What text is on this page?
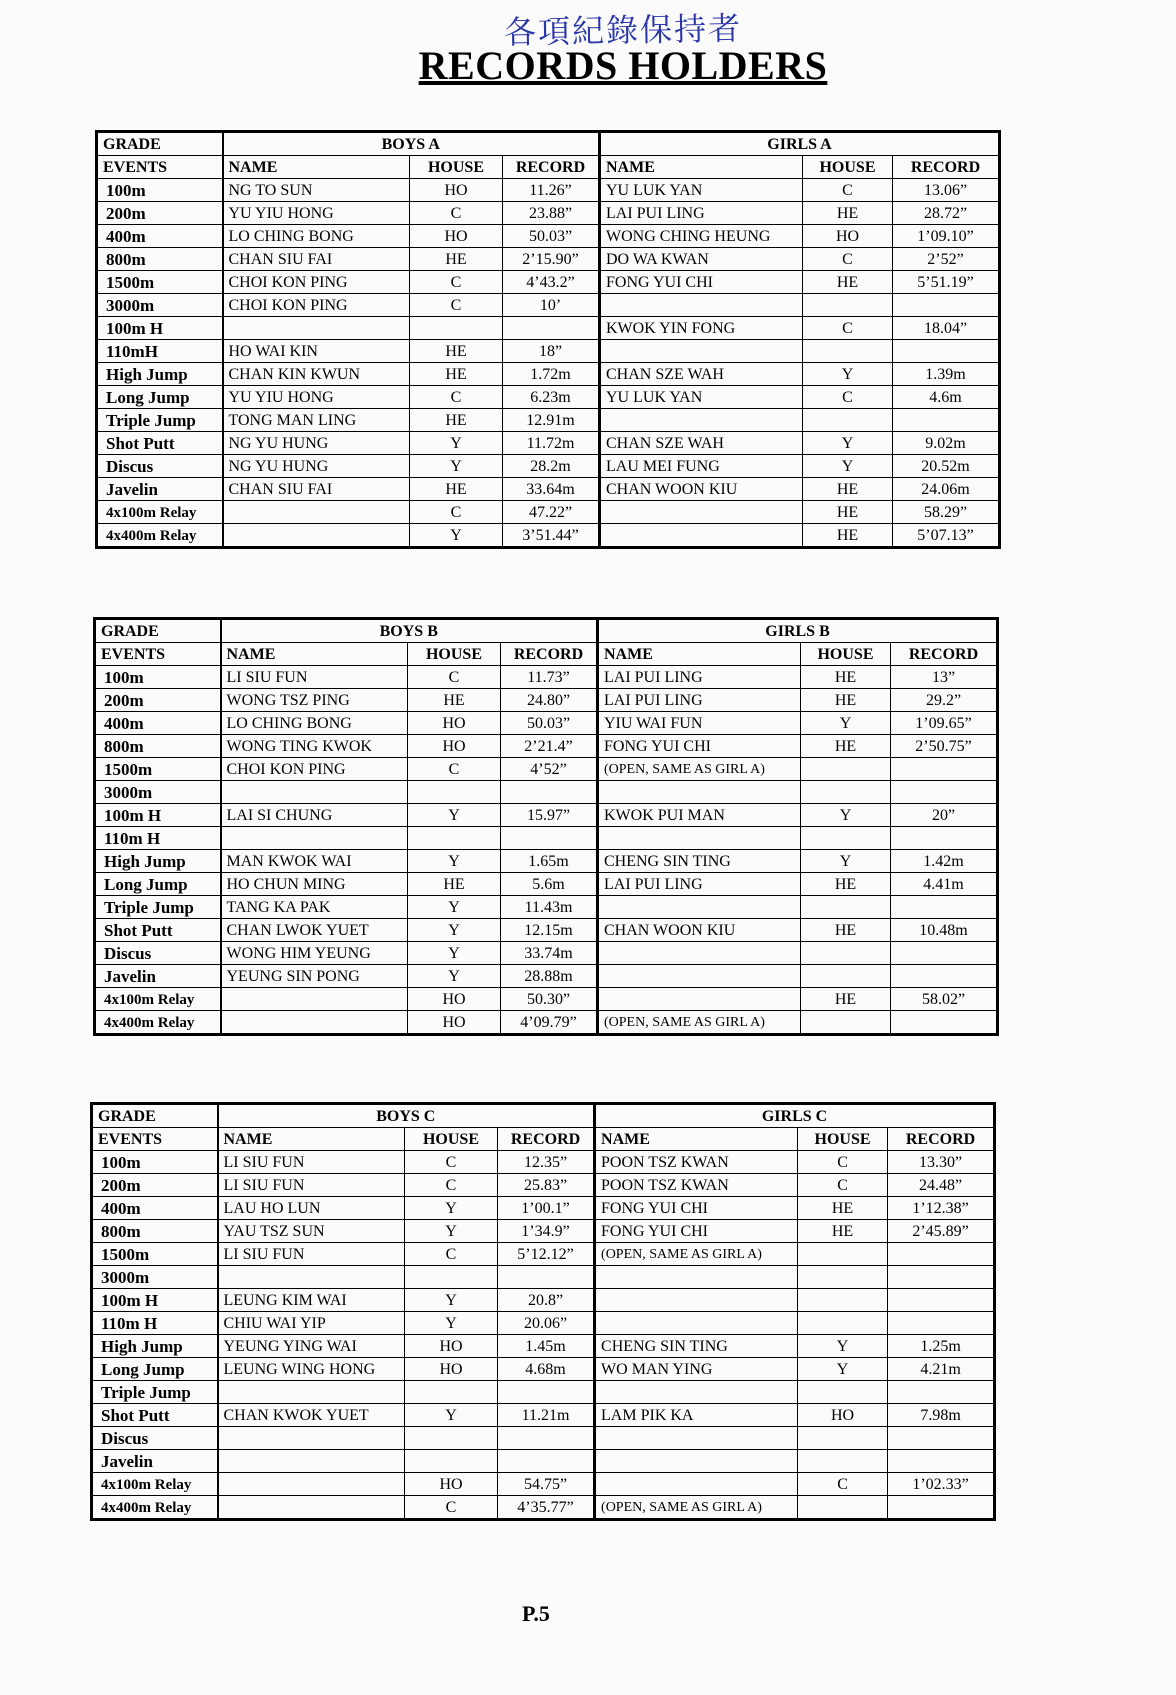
各項紀錄保持者
RECORDS HOLDERS
GRADE	BOYS A			GIRLS A		
EVENTS	NAME	HOUSE	RECORD	NAME	HOUSE	RECORD
100m	NG TO SUN	HO	11.26”	YU LUK YAN	C	13.06”
200m	YU YIU HONG	C	23.88”	LAI PUI LING	HE	28.72”
400m	LO CHING BONG	HO	50.03”	WONG CHING HEUNG	HO	1’09.10”
800m	CHAN SIU FAI	HE	2’15.90”	DO WA KWAN	C	2’52”
1500m	CHOI KON PING	C	4’43.2”	FONG YUI CHI	HE	5’51.19”
3000m	CHOI KON PING	C	10’			
100m H				KWOK YIN FONG	C	18.04”
110mH	HO WAI KIN	HE	18”			
High Jump	CHAN KIN KWUN	HE	1.72m	CHAN SZE WAH	Y	1.39m
Long Jump	YU YIU HONG	C	6.23m	YU LUK YAN	C	4.6m
Triple Jump	TONG MAN LING	HE	12.91m			
Shot Putt	NG YU HUNG	Y	11.72m	CHAN SZE WAH	Y	9.02m
Discus	NG YU HUNG	Y	28.2m	LAU MEI FUNG	Y	20.52m
Javelin	CHAN SIU FAI	HE	33.64m	CHAN WOON KIU	HE	24.06m
4x100m Relay		C	47.22”		HE	58.29”
4x400m Relay		Y	3’51.44”		HE	5’07.13”
GRADE	BOYS B			GIRLS B		
EVENTS	NAME	HOUSE	RECORD	NAME	HOUSE	RECORD
100m	LI SIU FUN	C	11.73”	LAI PUI LING	HE	13”
200m	WONG TSZ PING	HE	24.80”	LAI PUI LING	HE	29.2”
400m	LO CHING BONG	HO	50.03”	YIU WAI FUN	Y	1’09.65”
800m	WONG TING KWOK	HO	2’21.4”	FONG YUI CHI	HE	2’50.75”
1500m	CHOI KON PING	C	4’52”	(OPEN, SAME AS GIRL A)		
3000m						
100m H	LAI SI CHUNG	Y	15.97”	KWOK PUI MAN	Y	20”
110m H						
High Jump	MAN KWOK WAI	Y	1.65m	CHENG SIN TING	Y	1.42m
Long Jump	HO CHUN MING	HE	5.6m	LAI PUI LING	HE	4.41m
Triple Jump	TANG KA PAK	Y	11.43m			
Shot Putt	CHAN LWOK YUET	Y	12.15m	CHAN WOON KIU	HE	10.48m
Discus	WONG HIM YEUNG	Y	33.74m			
Javelin	YEUNG SIN PONG	Y	28.88m			
4x100m Relay		HO	50.30”		HE	58.02”
4x400m Relay		HO	4’09.79”	(OPEN, SAME AS GIRL A)		
GRADE	BOYS C			GIRLS C		
EVENTS	NAME	HOUSE	RECORD	NAME	HOUSE	RECORD
100m	LI SIU FUN	C	12.35”	POON TSZ KWAN	C	13.30”
200m	LI SIU FUN	C	25.83”	POON TSZ KWAN	C	24.48”
400m	LAU HO LUN	Y	1’00.1”	FONG YUI CHI	HE	1’12.38”
800m	YAU TSZ SUN	Y	1’34.9”	FONG YUI CHI	HE	2’45.89”
1500m	LI SIU FUN	C	5’12.12”	(OPEN, SAME AS GIRL A)		
3000m						
100m H	LEUNG KIM WAI	Y	20.8”			
110m H	CHIU WAI YIP	Y	20.06”			
High Jump	YEUNG YING WAI	HO	1.45m	CHENG SIN TING	Y	1.25m
Long Jump	LEUNG WING HONG	HO	4.68m	WO MAN YING	Y	4.21m
Triple Jump						
Shot Putt	CHAN KWOK YUET	Y	11.21m	LAM PIK KA	HO	7.98m
Discus						
Javelin						
4x100m Relay		HO	54.75”		C	1’02.33”
4x400m Relay		C	4’35.77”	(OPEN, SAME AS GIRL A)		
P.5
